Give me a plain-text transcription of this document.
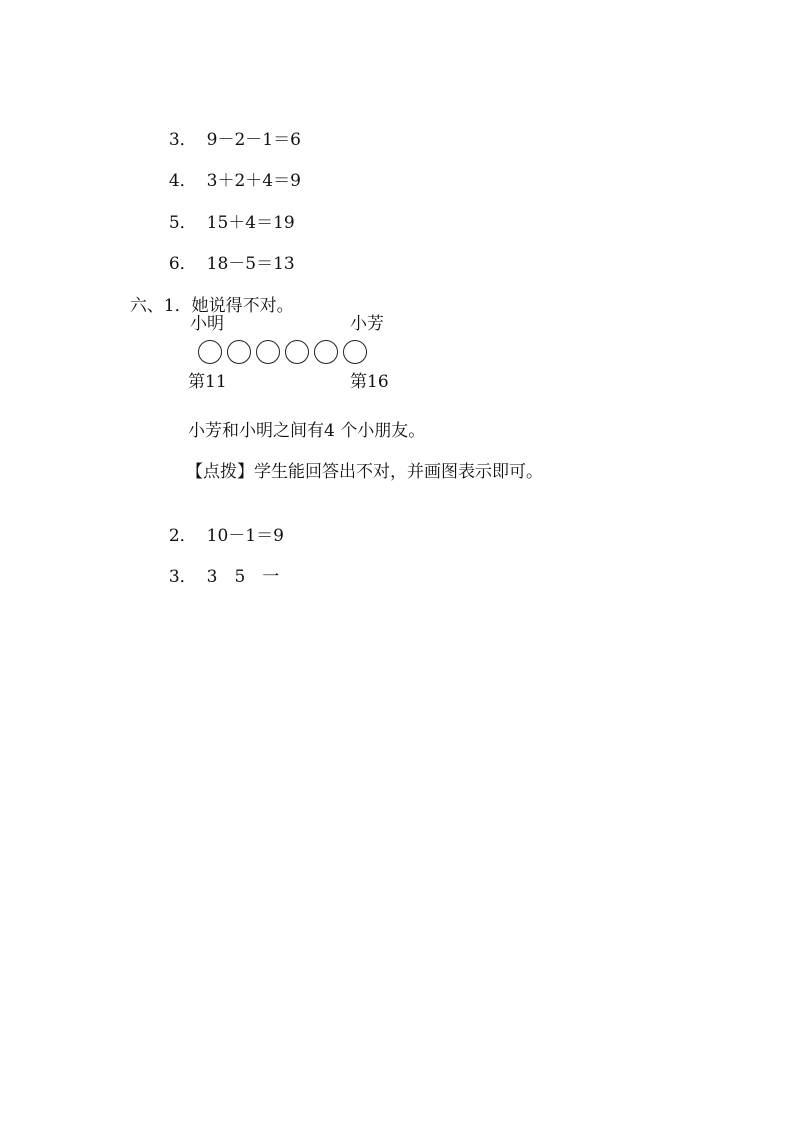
3． 9－2－1＝6

4． 3＋2＋4＝9

5． 15＋4＝19

6． 18－5＝13

六、1．她说得不对。

小明	小芳
第11	第16
小芳和小明之间有4 个小朋友。
【点拨】学生能回答出不对，并画图表示即可。

2． 10－1＝9

3． 3　5　一
